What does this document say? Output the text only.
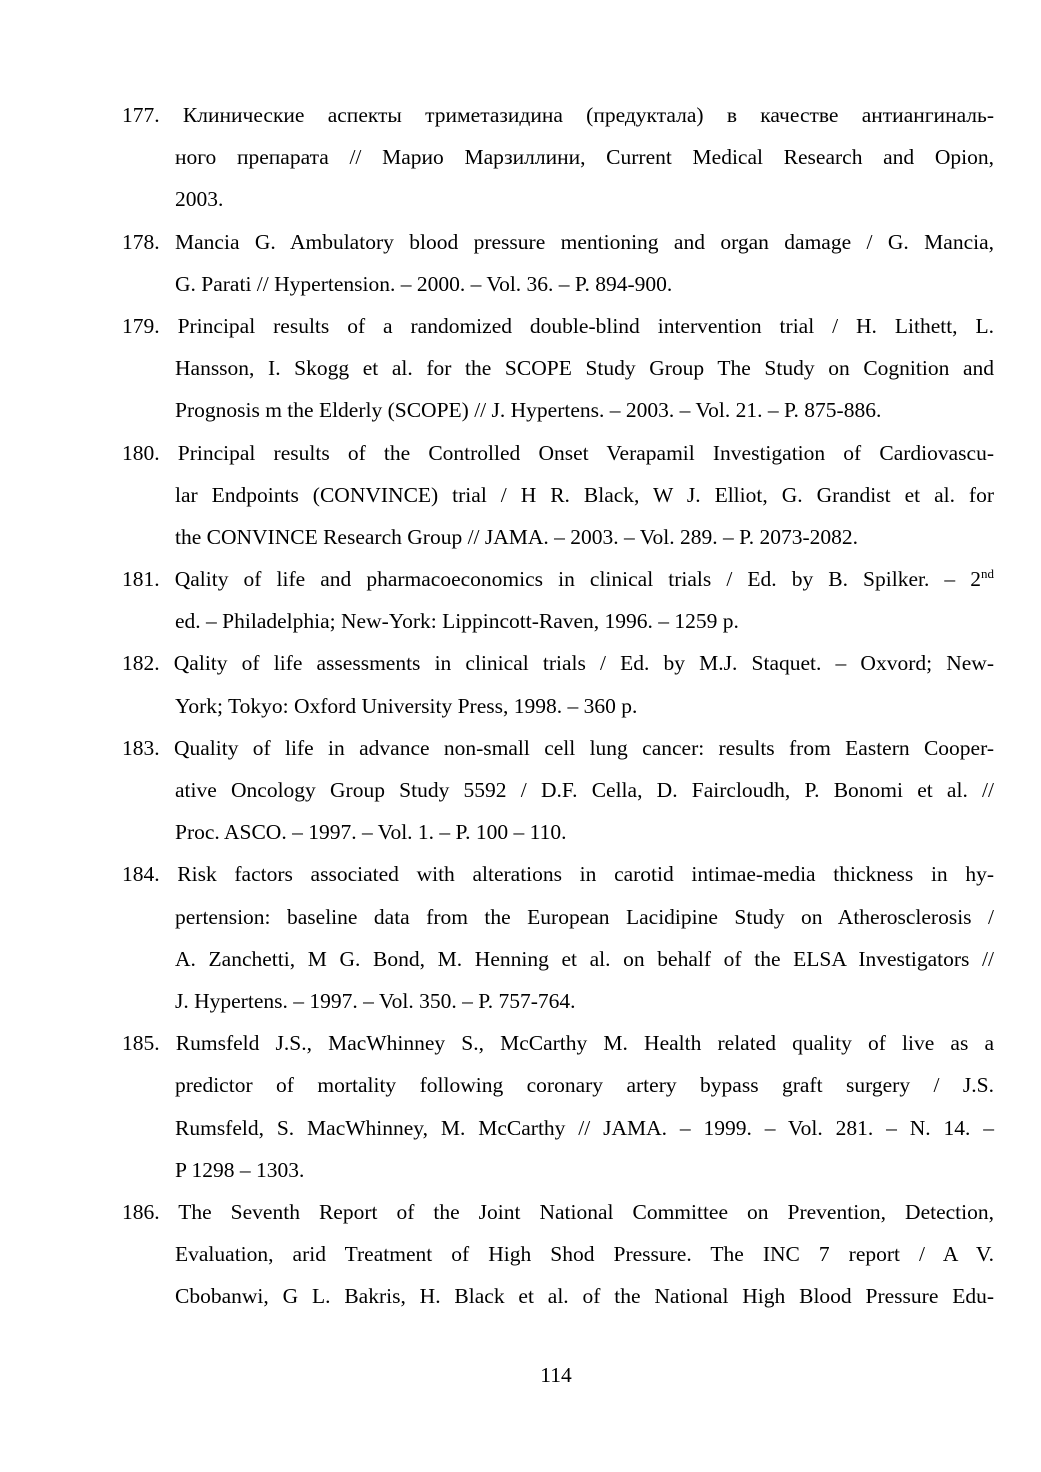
177. Клинические аспекты триметазидина (предуктала) в качестве антиангиналь-
ного препарата // Марио Марзиллини, Current Medical Research and Opion,
2003.
178. Mancia G. Ambulatory blood pressure mentioning and organ damage / G. Mancia,
G. Parati // Hypertension. – 2000. – Vol. 36. – P. 894-900.
179. Principal results of a randomized double-blind intervention trial / H. Lithett, L.
Hansson, I. Skogg et al. for the SCOPE Study Group The Study on Cognition and
Prognosis m the Elderly (SCOPE) // J. Hypertens. – 2003. – Vol. 21. – P. 875-886.
180. Principal results of the Controlled Onset Verapamil Investigation of Cardiovascu-
lar Endpoints (CONVINCE) trial / H R. Black, W J. Elliot, G. Grandist et al. for
the CONVINCE Research Group // JAMA. – 2003. – Vol. 289. – P. 2073-2082.
181. Qality of life and pharmacoeconomics in clinical trials / Ed. by B. Spilker. – 2nd
ed. – Philadelphia; New-York: Lippincott-Raven, 1996. – 1259 p.
182. Qality of life assessments in clinical trials / Ed. by M.J. Staquet. – Oxvord; New-
York; Tokyo: Oxford University Press, 1998. – 360 p.
183. Quality of life in advance non-small cell lung cancer: results from Eastern Cooper-
ative Oncology Group Study 5592 / D.F. Cella, D. Faircloudh, P. Bonomi et al. //
Proc. ASCO. – 1997. – Vol. 1. – P. 100 – 110.
184. Risk factors associated with alterations in carotid intimae-media thickness in hy-
pertension: baseline data from the European Lacidipine Study on Atherosclerosis /
A. Zanchetti, M G. Bond, M. Henning et al. on behalf of the ELSA Investigators //
J. Hypertens. – 1997. – Vol. 350. – P. 757-764.
185. Rumsfeld J.S., MacWhinney S., McCarthy M. Health related quality of live as a
predictor of mortality following coronary artery bypass graft surgery / J.S.
Rumsfeld, S. MacWhinney, M. McCarthy // JAMA. – 1999. – Vol. 281. – N. 14. –
P 1298 – 1303.
186. The Seventh Report of the Joint National Committee on Prevention, Detection,
Evaluation, arid Treatment of High Shod Pressure. The INC 7 report / A V.
Cbobanwi, G L. Bakris, H. Black et al. of the National High Blood Pressure Edu-
114
